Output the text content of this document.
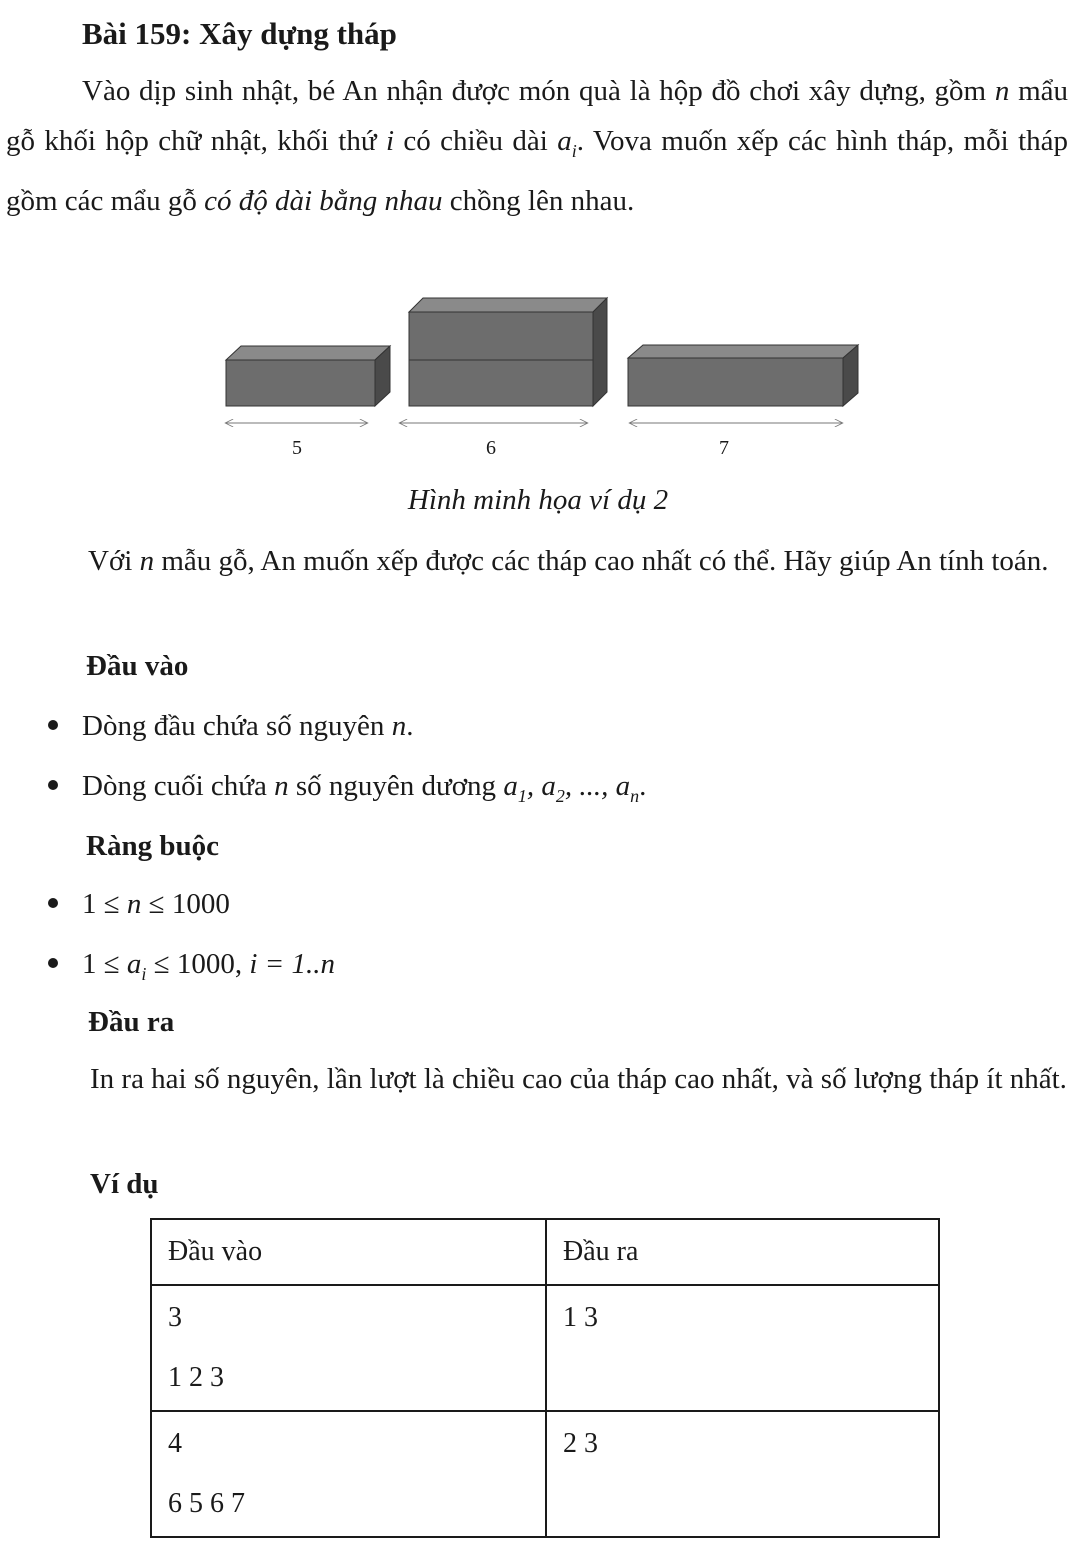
Bài 159: Xây dựng tháp
Vào dịp sinh nhật, bé An nhận được món quà là hộp đồ chơi xây dựng, gồm n mẩu gỗ khối hộp chữ nhật, khối thứ i có chiều dài $a_i$. Vova muốn xếp các hình tháp, mỗi tháp gồm các mẩu gỗ có độ dài bằng nhau chồng lên nhau.
5	6	7
Hình minh họa ví dụ 2
Với n mẫu gỗ, An muốn xếp được các tháp cao nhất có thể. Hãy giúp An tính toán.
Đầu vào
Dòng đầu chứa số nguyên n.
Dòng cuối chứa n số nguyên dương $a_1$, $a_2$, ..., $a_n$.
Ràng buộc
1 ≤ n ≤ 1000
$1 \le a_i \le 1000$, i = 1..n
Đầu ra
In ra hai số nguyên, lần lượt là chiều cao của tháp cao nhất, và số lượng tháp ít nhất.
Ví dụ
Đầu vào	Đầu ra

3
1 2 3	1 3

4
6 5 6 7	2 3
